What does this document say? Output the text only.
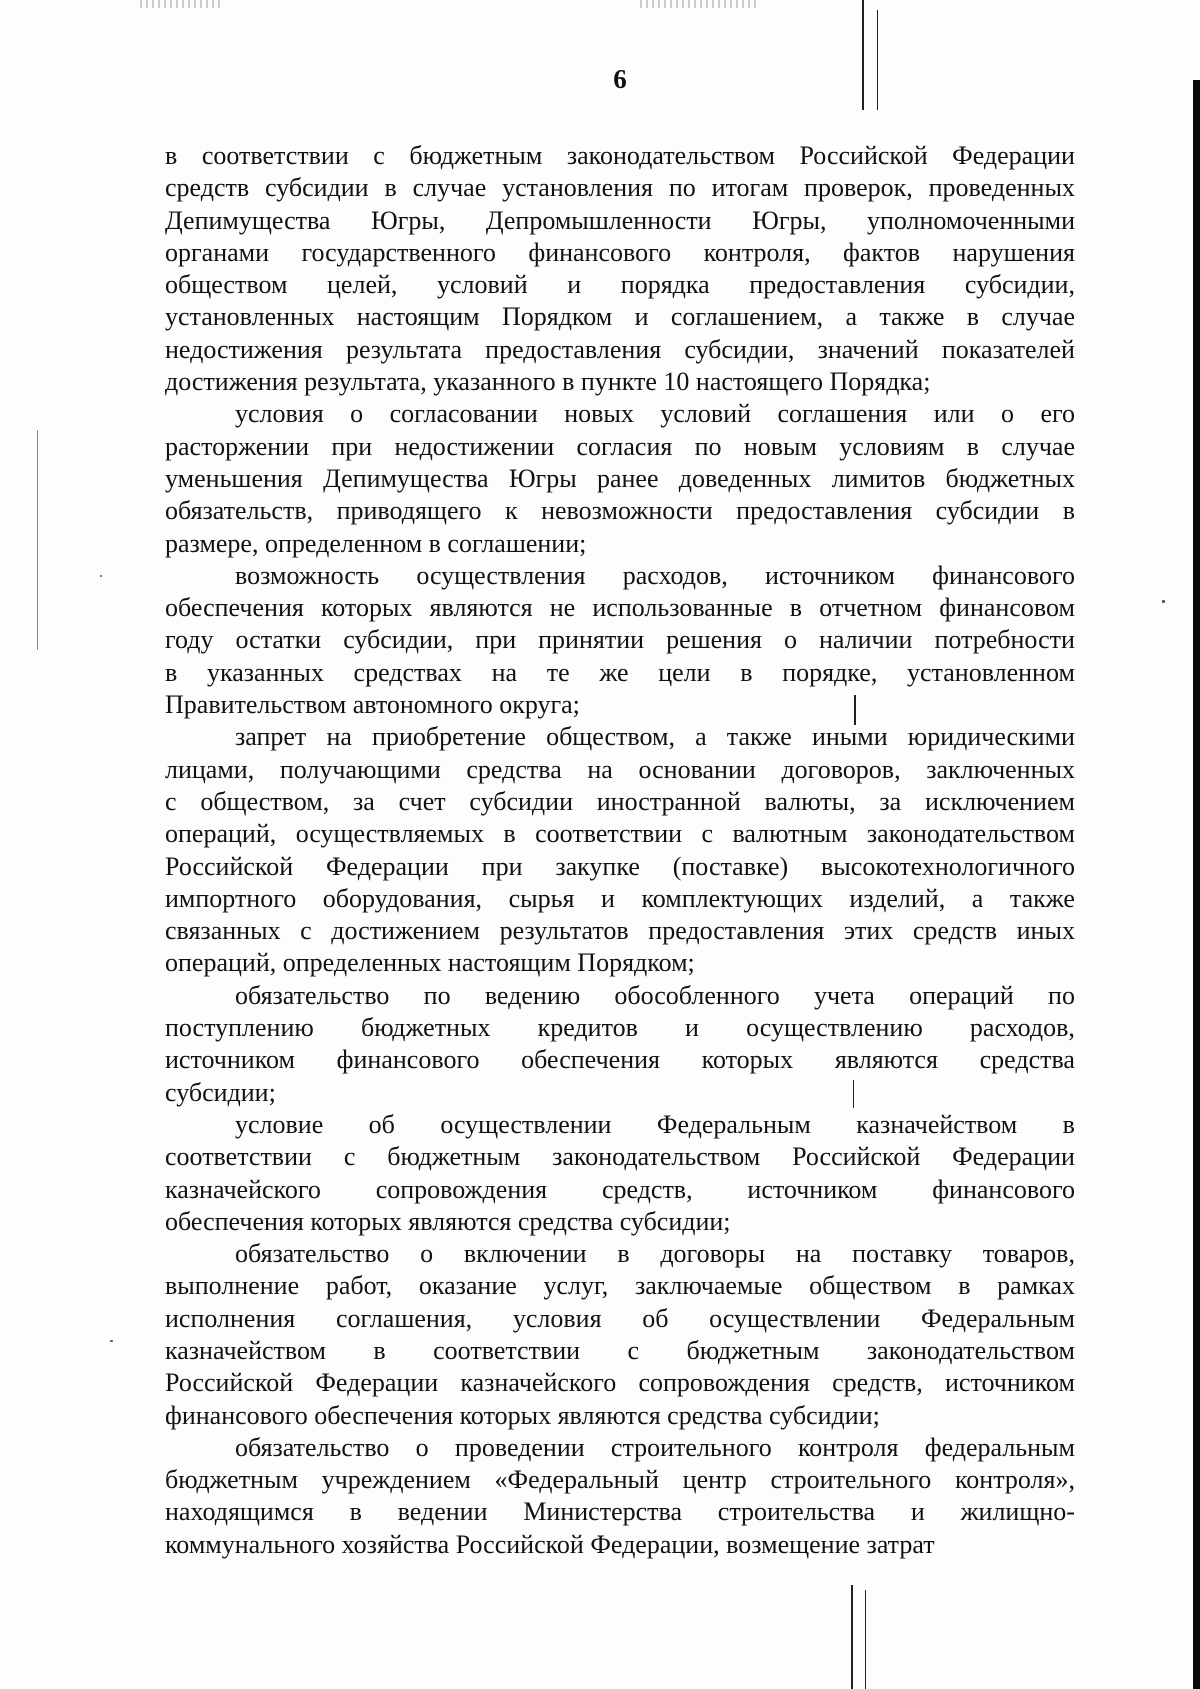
6
в соответствии с бюджетным законодательством Российской Федерации
средств субсидии в случае установления по итогам проверок, проведенных
Депимущества Югры, Депромышленности Югры, уполномоченными
органами государственного финансового контроля, фактов нарушения
обществом целей, условий и порядка предоставления субсидии,
установленных настоящим Порядком и соглашением, а также в случае
недостижения результата предоставления субсидии, значений показателей
достижения результата, указанного в пункте 10 настоящего Порядка;
условия о согласовании новых условий соглашения или о его
расторжении при недостижении согласия по новым условиям в случае
уменьшения Депимущества Югры ранее доведенных лимитов бюджетных
обязательств, приводящего к невозможности предоставления субсидии в
размере, определенном в соглашении;
возможность осуществления расходов, источником финансового
обеспечения которых являются не использованные в отчетном финансовом
году остатки субсидии, при принятии решения о наличии потребности
в указанных средствах на те же цели в порядке, установленном
Правительством автономного округа;
запрет на приобретение обществом, а также иными юридическими
лицами, получающими средства на основании договоров, заключенных
с обществом, за счет субсидии иностранной валюты, за исключением
операций, осуществляемых в соответствии с валютным законодательством
Российской Федерации при закупке (поставке) высокотехнологичного
импортного оборудования, сырья и комплектующих изделий, а также
связанных с достижением результатов предоставления этих средств иных
операций, определенных настоящим Порядком;
обязательство по ведению обособленного учета операций по
поступлению бюджетных кредитов и осуществлению расходов,
источником финансового обеспечения которых являются средства
субсидии;
условие об осуществлении Федеральным казначейством в
соответствии с бюджетным законодательством Российской Федерации
казначейского сопровождения средств, источником финансового
обеспечения которых являются средства субсидии;
обязательство о включении в договоры на поставку товаров,
выполнение работ, оказание услуг, заключаемые обществом в рамках
исполнения соглашения, условия об осуществлении Федеральным
казначейством в соответствии с бюджетным законодательством
Российской Федерации казначейского сопровождения средств, источником
финансового обеспечения которых являются средства субсидии;
обязательство о проведении строительного контроля федеральным
бюджетным учреждением «Федеральный центр строительного контроля»,
находящимся в ведении Министерства строительства и жилищно-
коммунального хозяйства Российской Федерации, возмещение затрат
